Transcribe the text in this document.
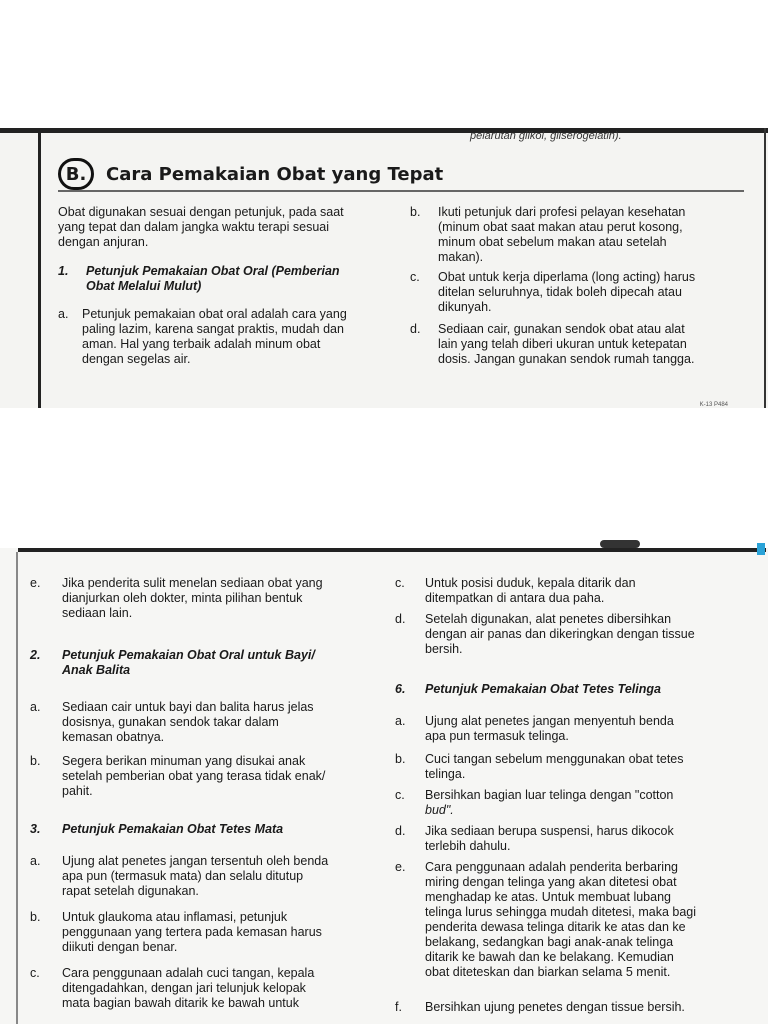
pelarutan glikol, gliserogelatin).
B.	Cara Pemakaian Obat yang Tepat
Obat digunakan sesuai dengan petunjuk, pada saat
yang tepat dan dalam jangka waktu terapi sesuai
dengan anjuran.
1. Petunjuk Pemakaian Obat Oral (Pemberian
Obat Melalui Mulut)
a. Petunjuk pemakaian obat oral adalah cara yang
paling lazim, karena sangat praktis, mudah dan
aman. Hal yang terbaik adalah minum obat
dengan segelas air.
b. Ikuti petunjuk dari profesi pelayan kesehatan
(minum obat saat makan atau perut kosong,
minum obat sebelum makan atau setelah
makan).
c. Obat untuk kerja diperlama (long acting) harus
ditelan seluruhnya, tidak boleh dipecah atau
dikunyah.
d. Sediaan cair, gunakan sendok obat atau alat
lain yang telah diberi ukuran untuk ketepatan
dosis. Jangan gunakan sendok rumah tangga.
K-13 P484
e. Jika penderita sulit menelan sediaan obat yang
dianjurkan oleh dokter, minta pilihan bentuk
sediaan lain.
2. Petunjuk Pemakaian Obat Oral untuk Bayi/
Anak Balita
a. Sediaan cair untuk bayi dan balita harus jelas
dosisnya, gunakan sendok takar dalam
kemasan obatnya.
b. Segera berikan minuman yang disukai anak
setelah pemberian obat yang terasa tidak enak/
pahit.
3. Petunjuk Pemakaian Obat Tetes Mata
a. Ujung alat penetes jangan tersentuh oleh benda
apa pun (termasuk mata) dan selalu ditutup
rapat setelah digunakan.
b. Untuk glaukoma atau inflamasi, petunjuk
penggunaan yang tertera pada kemasan harus
diikuti dengan benar.
c. Cara penggunaan adalah cuci tangan, kepala
ditengadahkan, dengan jari telunjuk kelopak
mata bagian bawah ditarik ke bawah untuk
c. Untuk posisi duduk, kepala ditarik dan
ditempatkan di antara dua paha.
d. Setelah digunakan, alat penetes dibersihkan
dengan air panas dan dikeringkan dengan tissue
bersih.
6. Petunjuk Pemakaian Obat Tetes Telinga
a. Ujung alat penetes jangan menyentuh benda
apa pun termasuk telinga.
b. Cuci tangan sebelum menggunakan obat tetes
telinga.
c. Bersihkan bagian luar telinga dengan "cotton
bud".
d. Jika sediaan berupa suspensi, harus dikocok
terlebih dahulu.
e. Cara penggunaan adalah penderita berbaring
miring dengan telinga yang akan ditetesi obat
menghadap ke atas. Untuk membuat lubang
telinga lurus sehingga mudah ditetesi, maka bagi
penderita dewasa telinga ditarik ke atas dan ke
belakang, sedangkan bagi anak-anak telinga
ditarik ke bawah dan ke belakang. Kemudian
obat diteteskan dan biarkan selama 5 menit.
f. Bersihkan ujung penetes dengan tissue bersih.
